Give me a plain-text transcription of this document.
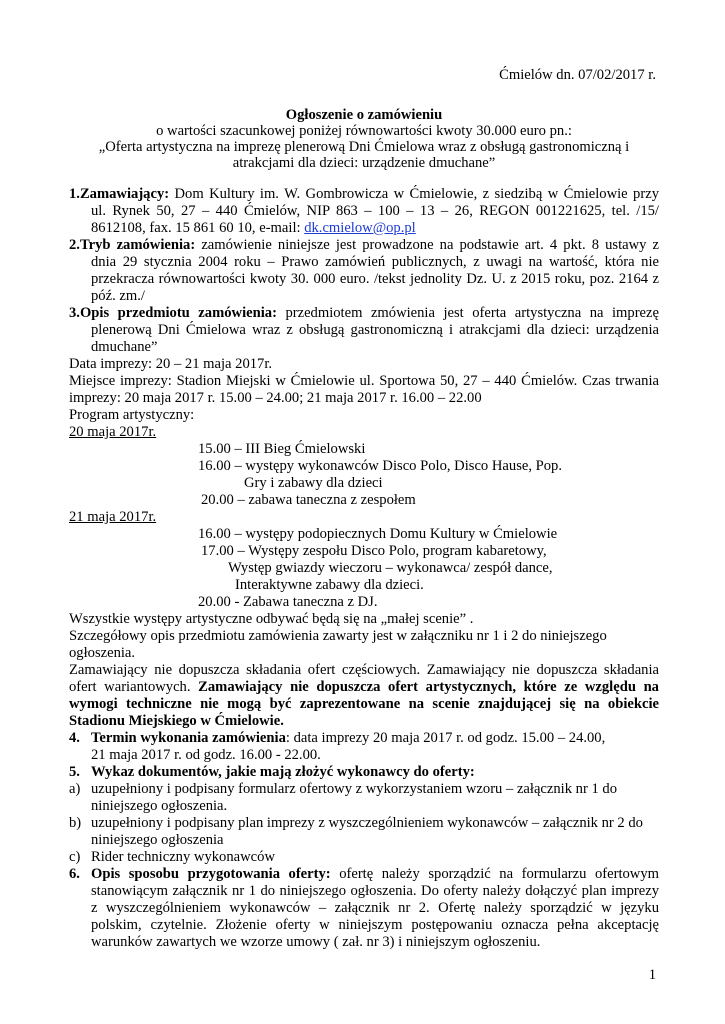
Ćmielów dn. 07/02/2017 r.
Ogłoszenie o zamówieniu
o wartości szacunkowej poniżej równowartości kwoty 30.000 euro pn.:
„Oferta artystyczna na imprezę plenerową Dni Ćmielowa wraz z obsługą gastronomiczną i
atrakcjami dla dzieci: urządzenie dmuchane”
1.Zamawiający: Dom Kultury im. W. Gombrowicza w Ćmielowie, z siedzibą w Ćmielowie przy
ul. Rynek 50, 27 – 440 Ćmielów, NIP 863 – 100 – 13 – 26, REGON 001221625, tel. /15/
8612108, fax. 15 861 60 10, e-mail: dk.cmielow@op.pl
2.Tryb zamówienia: zamówienie niniejsze jest prowadzone na podstawie art. 4 pkt. 8 ustawy z
dnia 29 stycznia 2004 roku – Prawo zamówień publicznych, z uwagi na wartość, która nie
przekracza równowartości kwoty 30. 000 euro. /tekst jednolity Dz. U. z 2015 roku, poz. 2164 z
póź. zm./
3.Opis przedmiotu zamówienia: przedmiotem zmówienia jest oferta artystyczna na imprezę
plenerową Dni Ćmielowa wraz z obsługą gastronomiczną i atrakcjami dla dzieci: urządzenia
dmuchane”
Data imprezy: 20 – 21 maja 2017r.
Miejsce imprezy: Stadion Miejski w Ćmielowie ul. Sportowa 50, 27 – 440 Ćmielów. Czas trwania
imprezy: 20 maja 2017 r. 15.00 – 24.00; 21 maja 2017 r. 16.00 – 22.00
Program artystyczny:
20 maja 2017r.
15.00 – III Bieg Ćmielowski
16.00 – występy wykonawców Disco Polo, Disco Hause, Pop.
Gry i zabawy dla dzieci
20.00 – zabawa taneczna z zespołem
21 maja 2017r.
16.00 – występy podopiecznych Domu Kultury w Ćmielowie
17.00 – Występy zespołu Disco Polo, program kabaretowy,
Występ gwiazdy wieczoru – wykonawca/ zespół dance,
Interaktywne zabawy dla dzieci.
20.00 - Zabawa taneczna z DJ.
Wszystkie występy artystyczne odbywać będą się na „małej scenie” .
Szczegółowy opis przedmiotu zamówienia zawarty jest w załączniku nr 1 i 2 do niniejszego
ogłoszenia.
Zamawiający nie dopuszcza składania ofert częściowych. Zamawiający nie dopuszcza składania
ofert wariantowych. Zamawiający nie dopuszcza ofert artystycznych, które ze względu na
wymogi techniczne nie mogą być zaprezentowane na scenie znajdującej się na obiekcie
Stadionu Miejskiego w Ćmielowie.
4. Termin wykonania zamówienia: data imprezy 20 maja 2017 r. od godz. 15.00 – 24.00,
21 maja 2017 r. od godz. 16.00 - 22.00.
5. Wykaz dokumentów, jakie mają złożyć wykonawcy do oferty:
a) uzupełniony i podpisany formularz ofertowy z wykorzystaniem wzoru – załącznik nr 1 do
niniejszego ogłoszenia.
b) uzupełniony i podpisany plan imprezy z wyszczególnieniem wykonawców – załącznik nr 2 do
niniejszego ogłoszenia
c) Rider techniczny wykonawców
6. Opis sposobu przygotowania oferty: ofertę należy sporządzić na formularzu ofertowym
stanowiącym załącznik nr 1 do niniejszego ogłoszenia. Do oferty należy dołączyć plan imprezy
z wyszczególnieniem wykonawców – załącznik nr 2. Ofertę należy sporządzić w języku
polskim, czytelnie. Złożenie oferty w niniejszym postępowaniu oznacza pełna akceptację
warunków zawartych we wzorze umowy ( zał. nr 3) i niniejszym ogłoszeniu.
1
